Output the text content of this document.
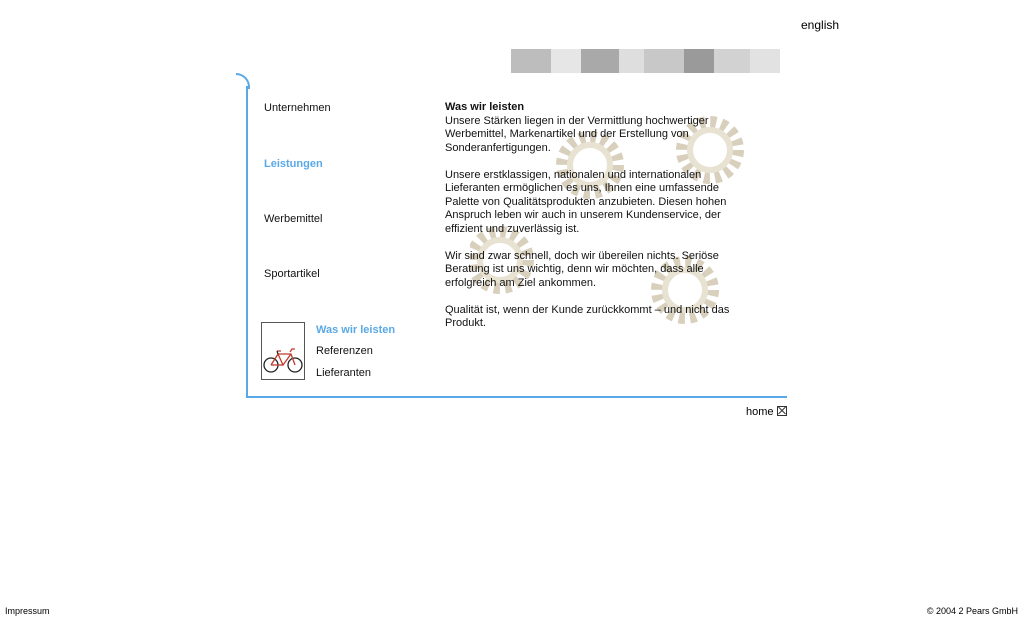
english
Unternehmen
Leistungen
Werbemittel
Sportartikel
Was wir leisten
Referenzen
Lieferanten
Was wir leisten

Unsere Stärken liegen in der Vermittlung hochwertiger Werbemittel, Markenartikel und der Erstellung von Sonderanfertigungen.

Unsere erstklassigen, nationalen und internationalen Lieferanten ermöglichen es uns, Ihnen eine umfassende Palette von Qualitätsprodukten anzubieten. Diesen hohen Anspruch leben wir auch in unserem Kundenservice, der effizient und zuverlässig ist.

Wir sind zwar schnell, doch wir übereilen nichts. Seriöse Beratung ist uns wichtig, denn wir möchten, dass alle erfolgreich am Ziel ankommen.

Qualität ist, wenn der Kunde zurückkommt – und nicht das Produkt.

home
Impressum	© 2004 2 Pears GmbH
